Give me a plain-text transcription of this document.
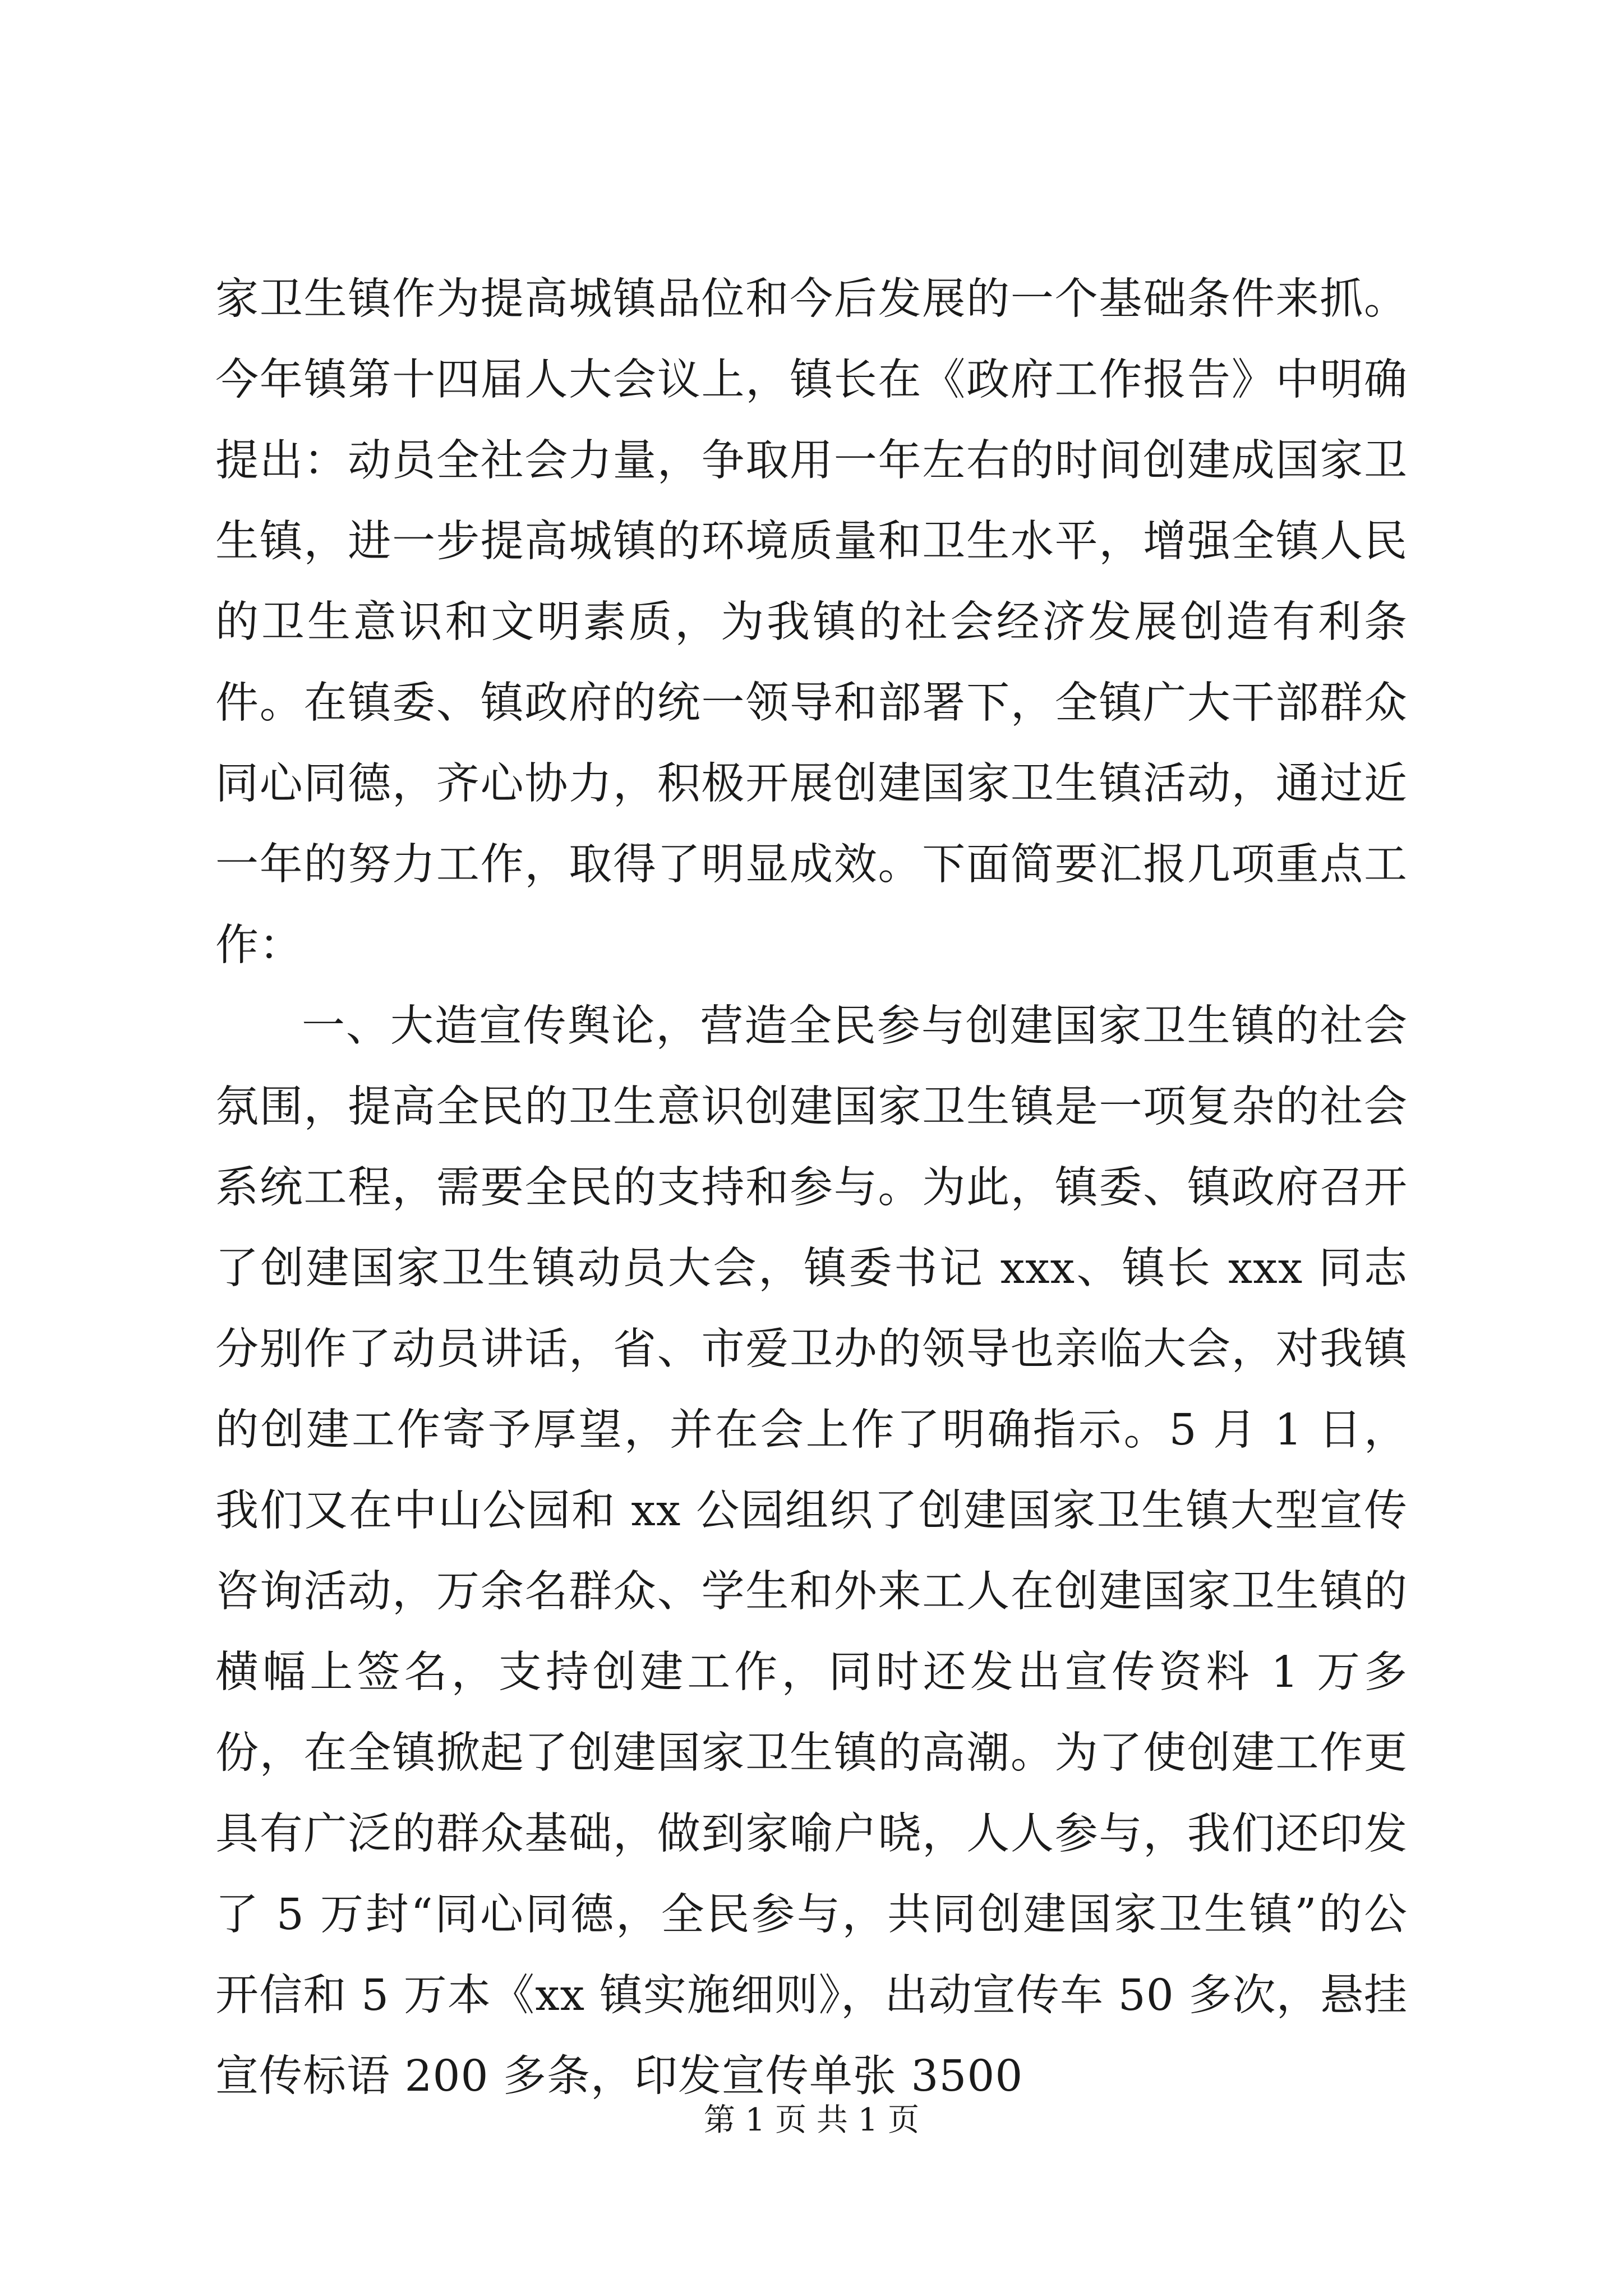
家卫生镇作为提高城镇品位和今后发展的一个基础条件来抓。今年镇第十四届人大会议上，镇长在《政府工作报告》中明确提出：动员全社会力量，争取用一年左右的时间创建成国家卫生镇，进一步提高城镇的环境质量和卫生水平，增强全镇人民的卫生意识和文明素质，为我镇的社会经济发展创造有利条件。在镇委、镇政府的统一领导和部署下，全镇广大干部群众同心同德，齐心协力，积极开展创建国家卫生镇活动，通过近一年的努力工作，取得了明显成效。下面简要汇报几项重点工作：

一、大造宣传舆论，营造全民参与创建国家卫生镇的社会氛围，提高全民的卫生意识创建国家卫生镇是一项复杂的社会系统工程，需要全民的支持和参与。为此，镇委、镇政府召开了创建国家卫生镇动员大会，镇委书记 xxx、镇长 xxx 同志分别作了动员讲话，省、市爱卫办的领导也亲临大会，对我镇的创建工作寄予厚望，并在会上作了明确指示。5 月 1 日，我们又在中山公园和 xx 公园组织了创建国家卫生镇大型宣传咨询活动，万余名群众、学生和外来工人在创建国家卫生镇的横幅上签名，支持创建工作，同时还发出宣传资料 1 万多份，在全镇掀起了创建国家卫生镇的高潮。为了使创建工作更具有广泛的群众基础，做到家喻户晓，人人参与，我们还印发了 5 万封“同心同德，全民参与，共同创建国家卫生镇”的公开信和 5 万本《xx 镇实施细则》，出动宣传车 50 多次，悬挂宣传标语 200 多条，印发宣传单张 3500

第 1 页 共 1 页
